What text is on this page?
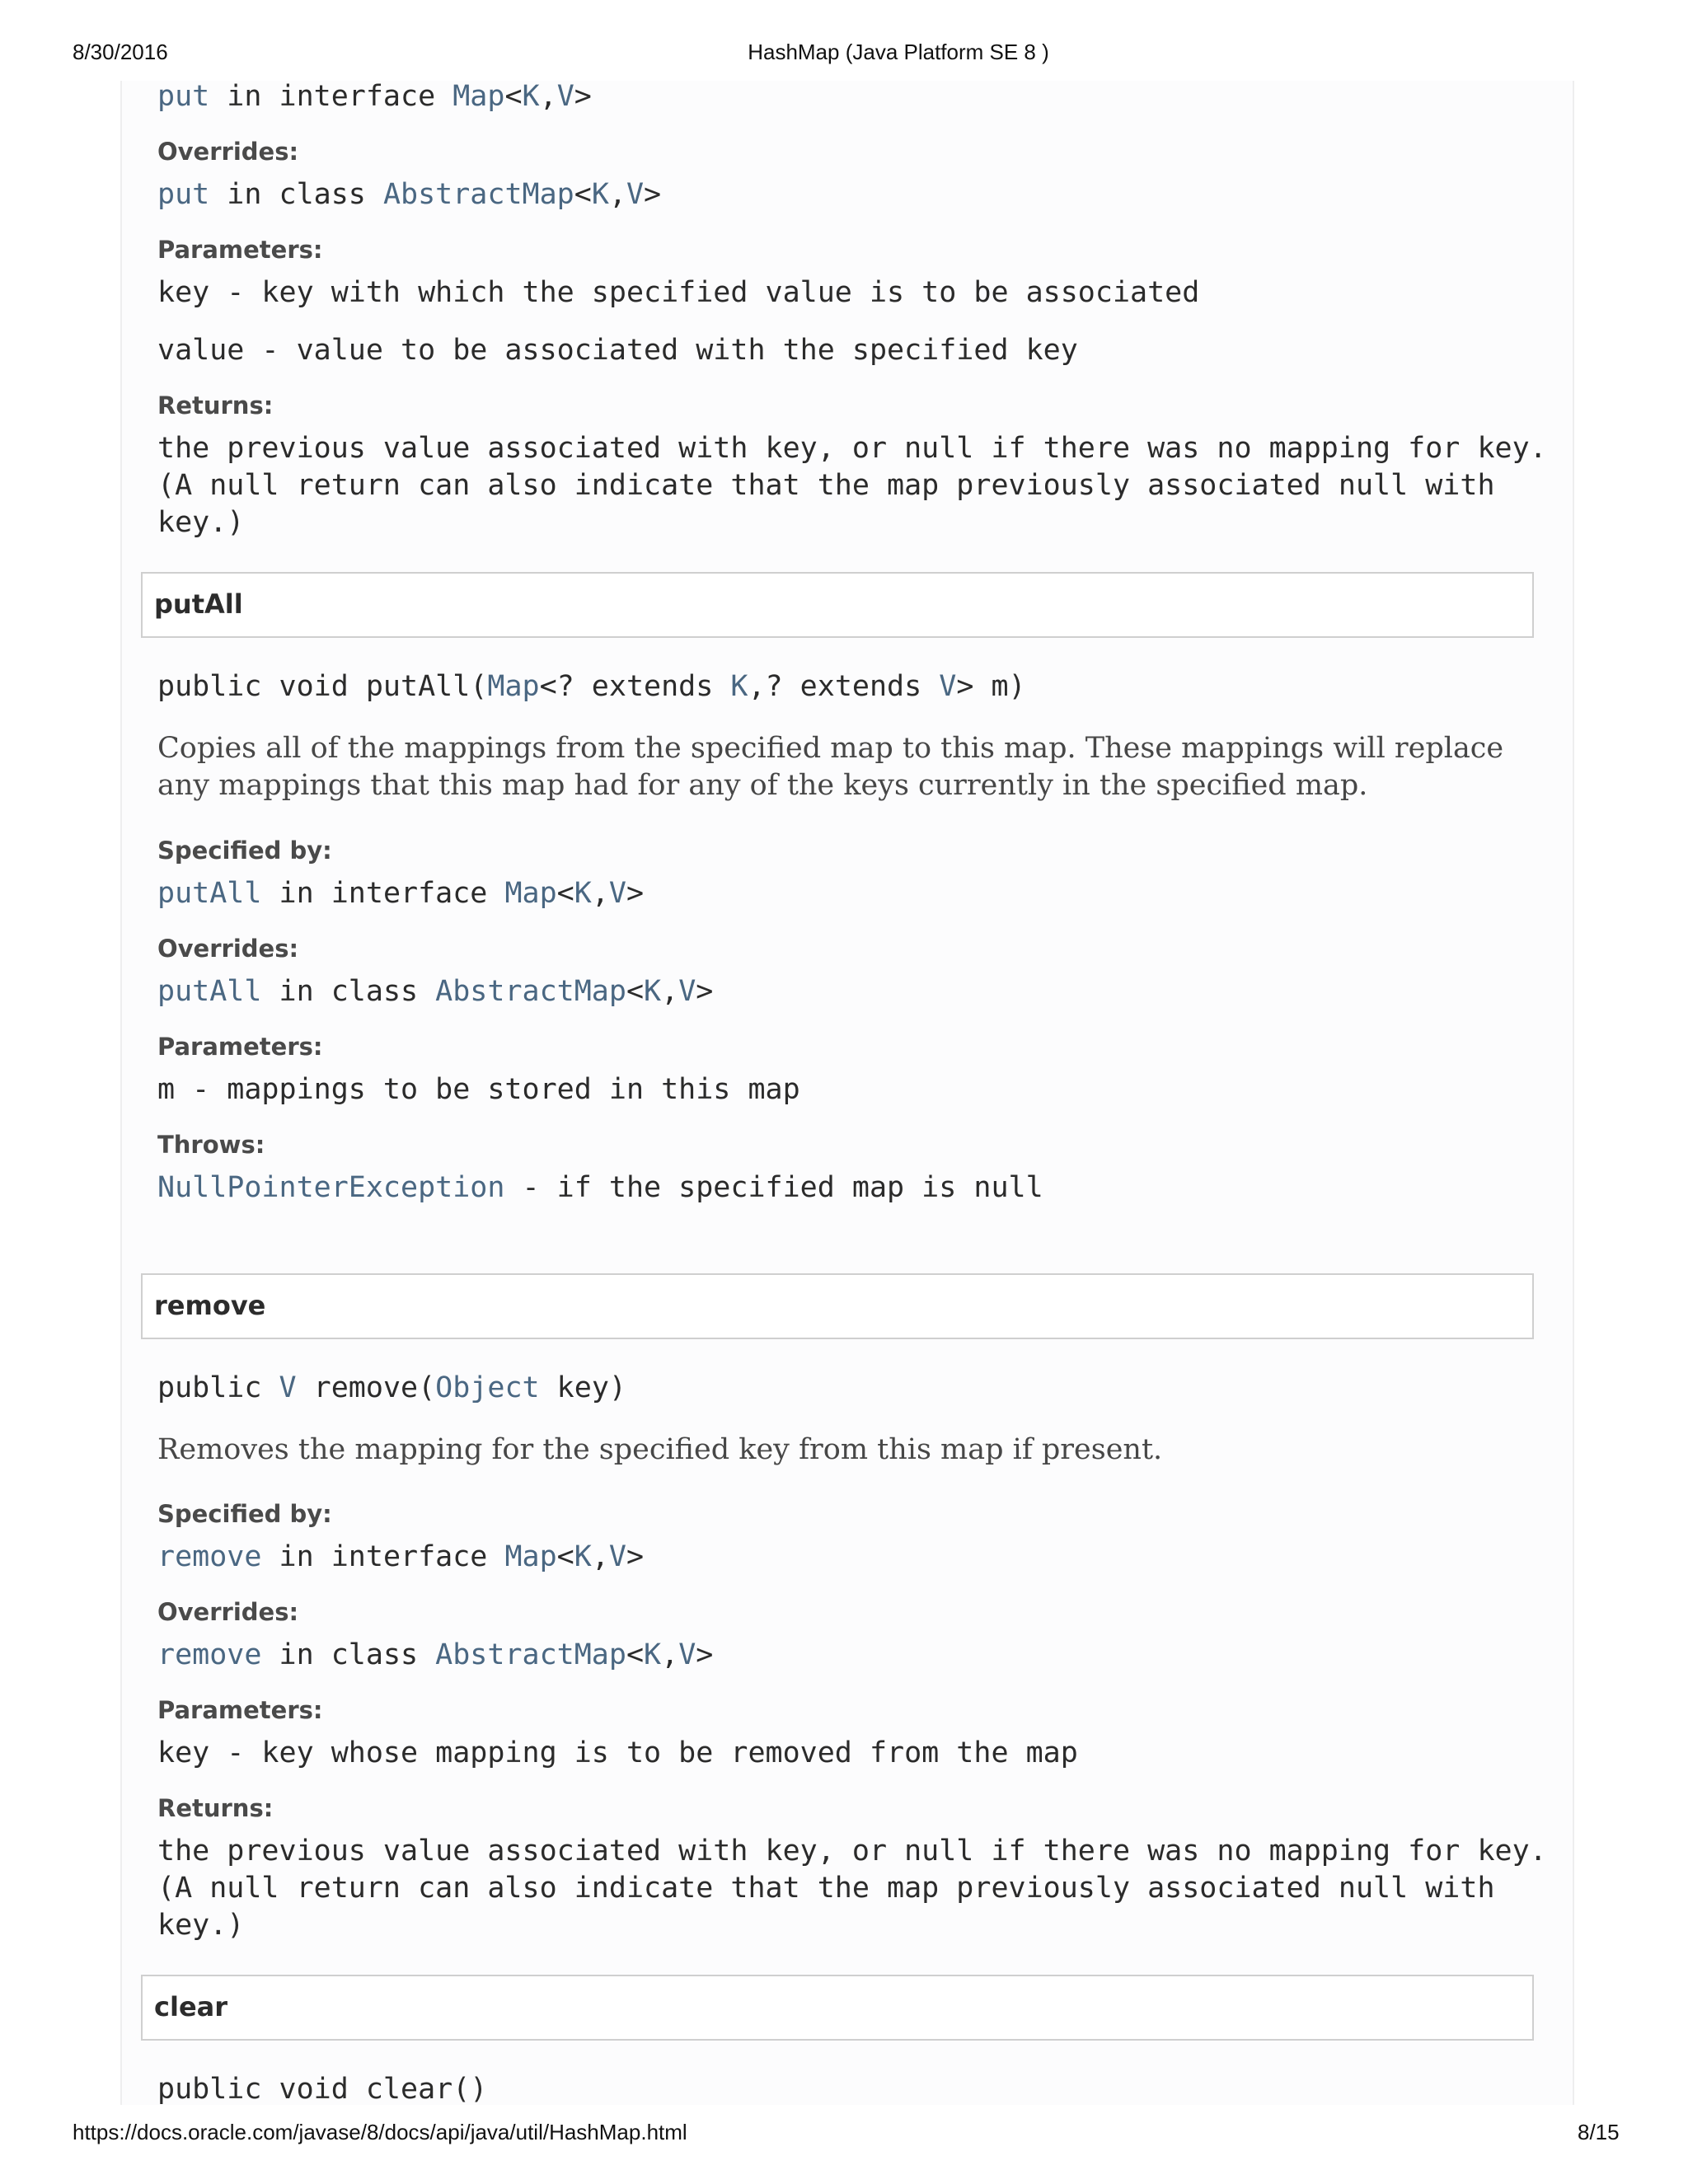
8/30/2016	HashMap (Java Platform SE 8 )
put in interface Map<K,V>
Overrides:
put in class AbstractMap<K,V>
Parameters:
key - key with which the specified value is to be associated
value - value to be associated with the specified key
Returns:
the previous value associated with key, or null if there was no mapping for key. (A null return can also indicate that the map previously associated null with key.)
putAll
public void putAll(Map<? extends K,? extends V> m)
Copies all of the mappings from the specified map to this map. These mappings will replace any mappings that this map had for any of the keys currently in the specified map.
Specified by:
putAll in interface Map<K,V>
Overrides:
putAll in class AbstractMap<K,V>
Parameters:
m - mappings to be stored in this map
Throws:
NullPointerException - if the specified map is null
remove
public V remove(Object key)
Removes the mapping for the specified key from this map if present.
Specified by:
remove in interface Map<K,V>
Overrides:
remove in class AbstractMap<K,V>
Parameters:
key - key whose mapping is to be removed from the map
Returns:
the previous value associated with key, or null if there was no mapping for key. (A null return can also indicate that the map previously associated null with key.)
clear
public void clear()
https://docs.oracle.com/javase/8/docs/api/java/util/HashMap.html	8/15
